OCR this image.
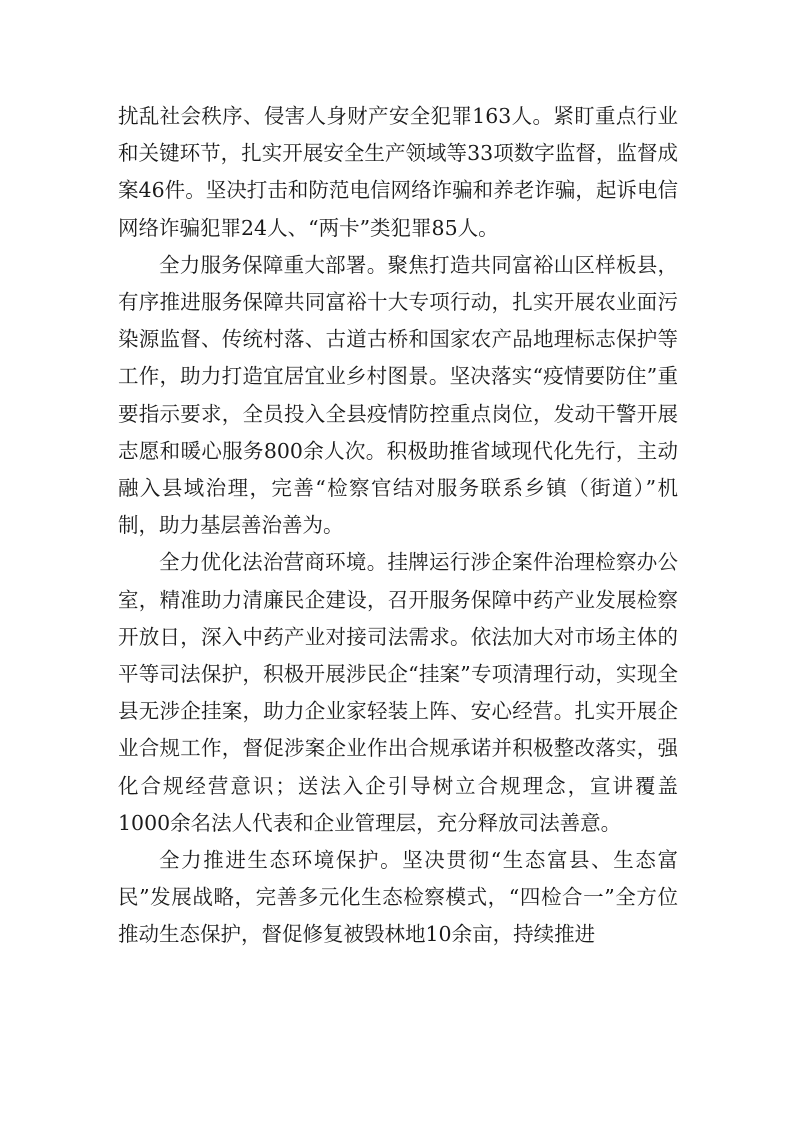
扰乱社会秩序、侵害人身财产安全犯罪163人。紧盯重点行业和关键环节，扎实开展安全生产领域等33项数字监督，监督成案46件。坚决打击和防范电信网络诈骗和养老诈骗，起诉电信网络诈骗犯罪24人、“两卡”类犯罪85人。

全力服务保障重大部署。聚焦打造共同富裕山区样板县，有序推进服务保障共同富裕十大专项行动，扎实开展农业面污染源监督、传统村落、古道古桥和国家农产品地理标志保护等工作，助力打造宜居宜业乡村图景。坚决落实“疫情要防住”重要指示要求，全员投入全县疫情防控重点岗位，发动干警开展志愿和暖心服务800余人次。积极助推省域现代化先行，主动融入县域治理，完善“检察官结对服务联系乡镇（街道）”机制，助力基层善治善为。

全力优化法治营商环境。挂牌运行涉企案件治理检察办公室，精准助力清廉民企建设，召开服务保障中药产业发展检察开放日，深入中药产业对接司法需求。依法加大对市场主体的平等司法保护，积极开展涉民企“挂案”专项清理行动，实现全县无涉企挂案，助力企业家轻装上阵、安心经营。扎实开展企业合规工作，督促涉案企业作出合规承诺并积极整改落实，强化合规经营意识；送法入企引导树立合规理念，宣讲覆盖1000余名法人代表和企业管理层，充分释放司法善意。

全力推进生态环境保护。坚决贯彻“生态富县、生态富民”发展战略，完善多元化生态检察模式，“四检合一”全方位推动生态保护，督促修复被毁林地10余亩，持续推进
